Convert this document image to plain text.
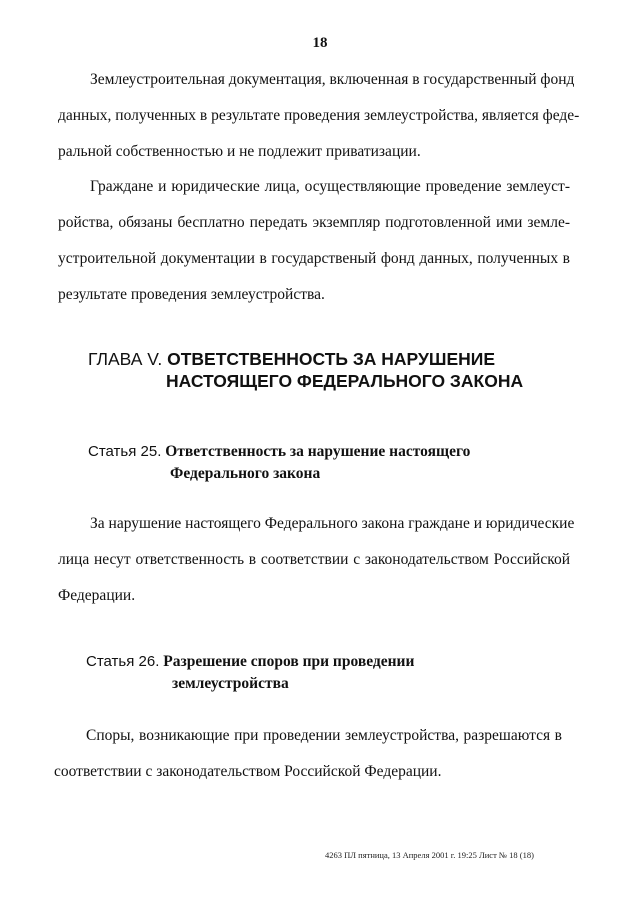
18

Землеустроительная документация, включенная в государственный фонд
данных, полученных в результате проведения землеустройства, является феде-
ральной собственностью и не подлежит приватизации.

Граждане и юридические лица, осуществляющие проведение землеуст-
ройства, обязаны бесплатно передать экземпляр подготовленной ими земле-
устроительной документации в государственый фонд данных, полученных в
результате проведения землеустройства.

ГЛАВА V. ОТВЕТСТВЕННОСТЬ ЗА НАРУШЕНИЕ
НАСТОЯЩЕГО ФЕДЕРАЛЬНОГО ЗАКОНА
Статья 25. Ответственность за нарушение настоящего
Федерального закона

За нарушение настоящего Федерального закона граждане и юридические
лица несут ответственность в соответствии с законодательством Российской
Федерации.

Статья 26. Разрешение споров при проведении
землеустройства

Споры, возникающие при проведении землеустройства, разрешаются в
соответствии с законодательством Российской Федерации.

4263 ПЛ пятница, 13 Апреля 2001 г. 19:25 Лист № 18 (18)
